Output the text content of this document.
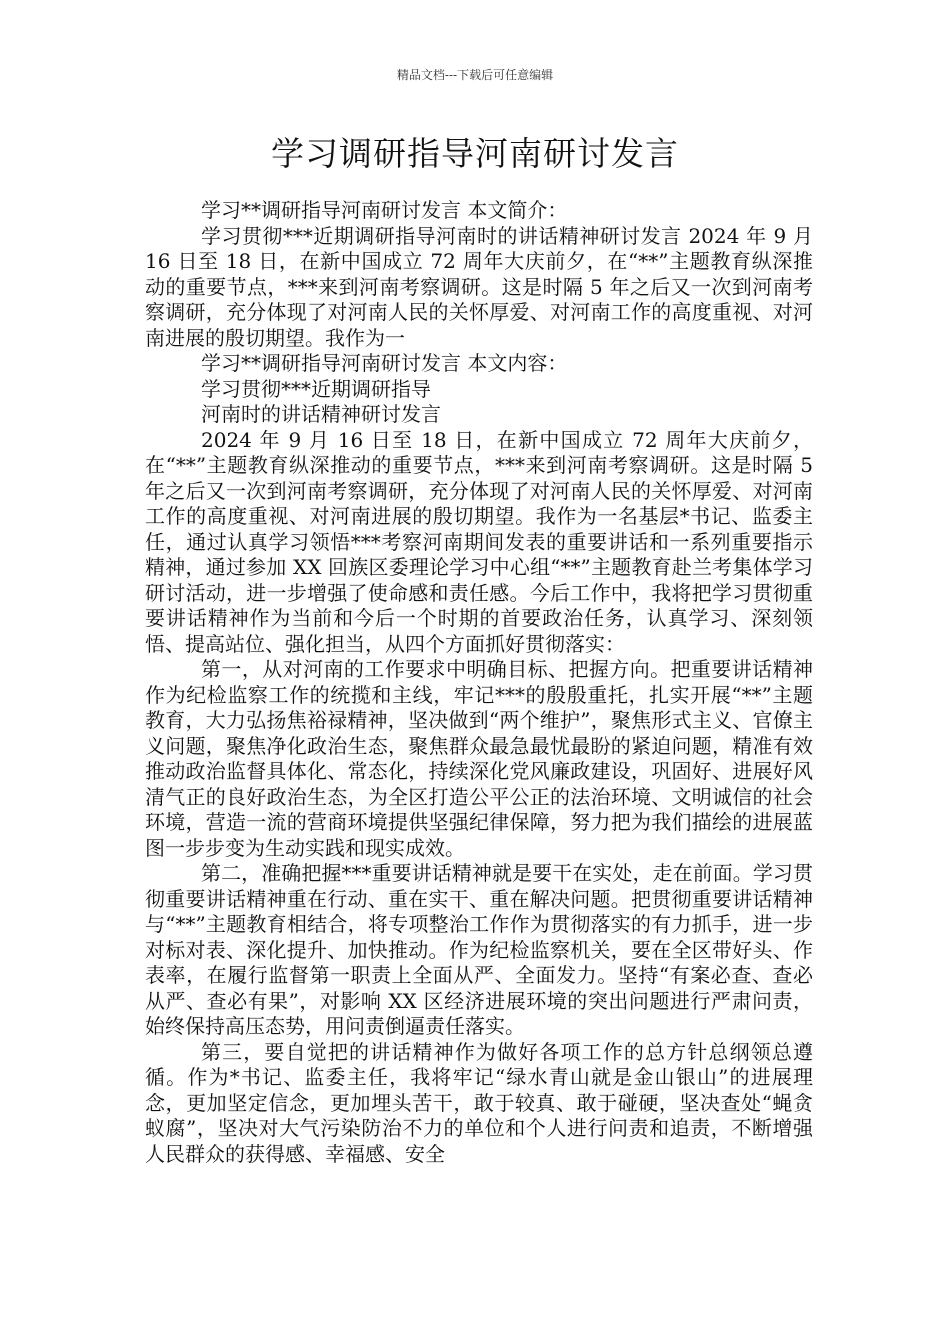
精品文档---下载后可任意编辑
学习调研指导河南研讨发言

学习**调研指导河南研讨发言 本文简介：

学习贯彻***近期调研指导河南时的讲话精神研讨发言 2024 年 9 月 16 日至 18 日，在新中国成立 72 周年大庆前夕，在“**”主题教育纵深推动的重要节点，***来到河南考察调研。这是时隔 5 年之后又一次到河南考察调研，充分体现了对河南人民的关怀厚爱、对河南工作的高度重视、对河南进展的殷切期望。我作为一

学习**调研指导河南研讨发言 本文内容：

学习贯彻***近期调研指导

河南时的讲话精神研讨发言

2024 年 9 月 16 日至 18 日，在新中国成立 72 周年大庆前夕，在“**”主题教育纵深推动的重要节点，***来到河南考察调研。这是时隔 5 年之后又一次到河南考察调研，充分体现了对河南人民的关怀厚爱、对河南工作的高度重视、对河南进展的殷切期望。我作为一名基层*书记、监委主任，通过认真学习领悟***考察河南期间发表的重要讲话和一系列重要指示精神，通过参加 XX 回族区委理论学习中心组“**”主题教育赴兰考集体学习研讨活动，进一步增强了使命感和责任感。今后工作中，我将把学习贯彻重要讲话精神作为当前和今后一个时期的首要政治任务，认真学习、深刻领悟、提高站位、强化担当，从四个方面抓好贯彻落实：

第一，从对河南的工作要求中明确目标、把握方向。把重要讲话精神作为纪检监察工作的统揽和主线，牢记***的殷殷重托，扎实开展“**”主题教育，大力弘扬焦裕禄精神，坚决做到“两个维护”，聚焦形式主义、官僚主义问题，聚焦净化政治生态，聚焦群众最急最忧最盼的紧迫问题，精准有效推动政治监督具体化、常态化，持续深化党风廉政建设，巩固好、进展好风清气正的良好政治生态，为全区打造公平公正的法治环境、文明诚信的社会环境，营造一流的营商环境提供坚强纪律保障，努力把为我们描绘的进展蓝图一步步变为生动实践和现实成效。

第二，准确把握***重要讲话精神就是要干在实处，走在前面。学习贯彻重要讲话精神重在行动、重在实干、重在解决问题。把贯彻重要讲话精神与“**”主题教育相结合，将专项整治工作作为贯彻落实的有力抓手，进一步对标对表、深化提升、加快推动。作为纪检监察机关，要在全区带好头、作表率，在履行监督第一职责上全面从严、全面发力。坚持“有案必查、查必从严、查必有果”，对影响 XX 区经济进展环境的突出问题进行严肃问责，始终保持高压态势，用问责倒逼责任落实。

第三，要自觉把的讲话精神作为做好各项工作的总方针总纲领总遵循。作为*书记、监委主任，我将牢记“绿水青山就是金山银山”的进展理念，更加坚定信念，更加埋头苦干，敢于较真、敢于碰硬，坚决查处“蝇贪蚁腐”，坚决对大气污染防治不力的单位和个人进行问责和追责，不断增强人民群众的获得感、幸福感、安全
